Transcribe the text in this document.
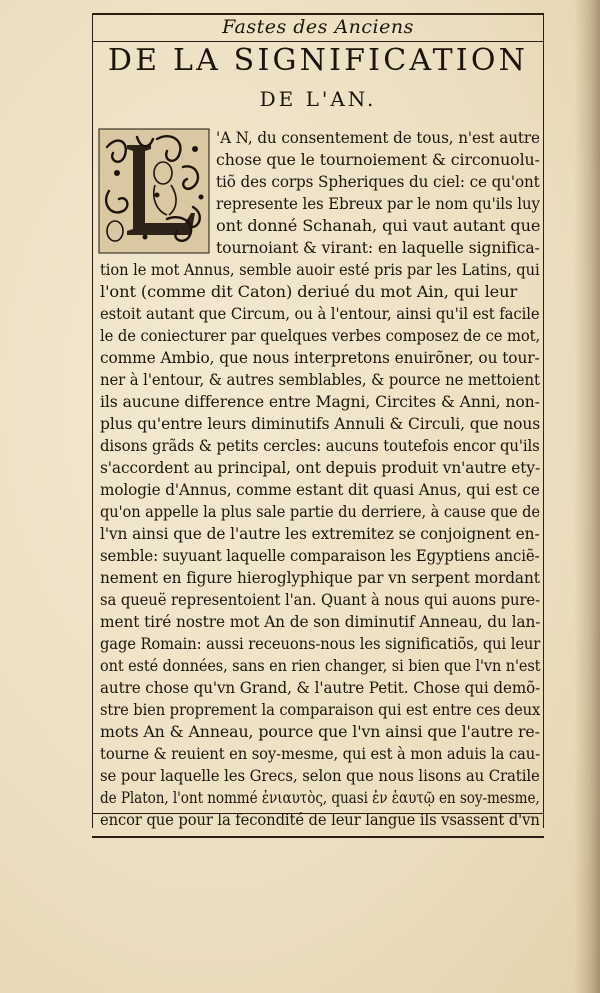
Fastes des Anciens
DE LA SIGNIFICATION
DE L'AN.
'A N, du consentement de tous, n'est autre
chose que le tournoiement & circonuolu-
tiõ des corps Spheriques du ciel: ce qu'ont
represente les Ebreux par le nom qu'ils luy
ont donné Schanah, qui vaut autant que
tournoiant & virant: en laquelle significa-
tion le mot Annus, semble auoir esté pris par les Latins, qui
l'ont (comme dit Caton) deriué du mot Ain, qui leur
estoit autant que Circum, ou à l'entour, ainsi qu'il est facile
le de coniecturer par quelques verbes composez de ce mot,
comme Ambio, que nous interpretons enuirõner, ou tour-
ner à l'entour, & autres semblables, & pource ne mettoient
ils aucune difference entre Magni, Circites & Anni, non-
plus qu'entre leurs diminutifs Annuli & Circuli, que nous
disons grãds & petits cercles: aucuns toutefois encor qu'ils
s'accordent au principal, ont depuis produit vn'autre ety-
mologie d'Annus, comme estant dit quasi Anus, qui est ce
qu'on appelle la plus sale partie du derriere, à cause que de
l'vn ainsi que de l'autre les extremitez se conjoignent en-
semble: suyuant laquelle comparaison les Egyptiens anciẽ-
nement en figure hieroglyphique par vn serpent mordant
sa queuë representoient l'an. Quant à nous qui auons pure-
ment tiré nostre mot An de son diminutif Anneau, du lan-
gage Romain: aussi receuons-nous les significatiõs, qui leur
ont esté données, sans en rien changer, si bien que l'vn n'est
autre chose qu'vn Grand, & l'autre Petit. Chose qui demõ-
stre bien proprement la comparaison qui est entre ces deux
mots An & Anneau, pource que l'vn ainsi que l'autre re-
tourne & reuient en soy-mesme, qui est à mon aduis la cau-
se pour laquelle les Grecs, selon que nous lisons au Cratile
de Platon, l'ont nommé ἐνιαυτὸς, quasi ἐν ἑαυτῷ en soy-mesme,
encor que pour la fecondité de leur langue ils vsassent d'vn
